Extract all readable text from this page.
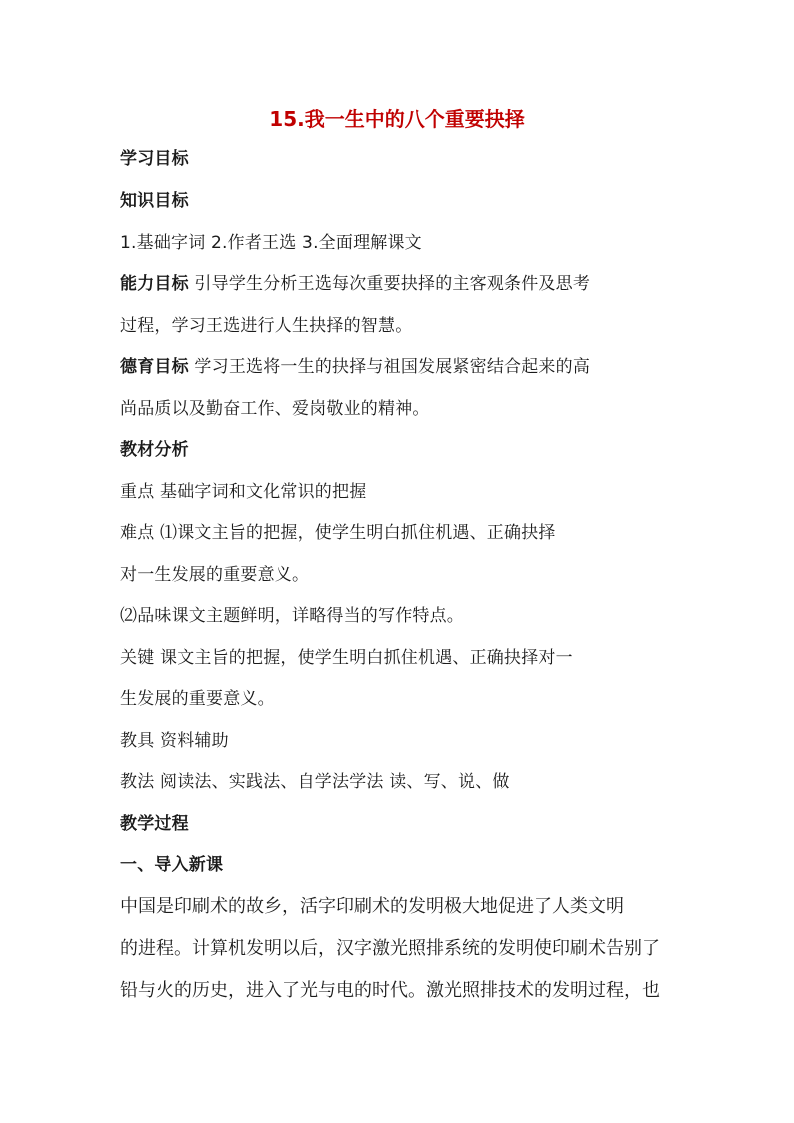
15.我一生中的八个重要抉择
学习目标
知识目标
1.基础字词 2.作者王选 3.全面理解课文
能力目标 引导学生分析王选每次重要抉择的主客观条件及思考
过程，学习王选进行人生抉择的智慧。
德育目标 学习王选将一生的抉择与祖国发展紧密结合起来的高
尚品质以及勤奋工作、爱岗敬业的精神。
教材分析
重点 基础字词和文化常识的把握
难点 ⑴课文主旨的把握，使学生明白抓住机遇、正确抉择
对一生发展的重要意义。
⑵品味课文主题鲜明，详略得当的写作特点。
关键 课文主旨的把握，使学生明白抓住机遇、正确抉择对一
生发展的重要意义。
教具 资料辅助
教法 阅读法、实践法、自学法学法 读、写、说、做
教学过程
一、导入新课
中国是印刷术的故乡，活字印刷术的发明极大地促进了人类文明
的进程。计算机发明以后，汉字激光照排系统的发明使印刷术告别了
铅与火的历史，进入了光与电的时代。激光照排技术的发明过程，也
